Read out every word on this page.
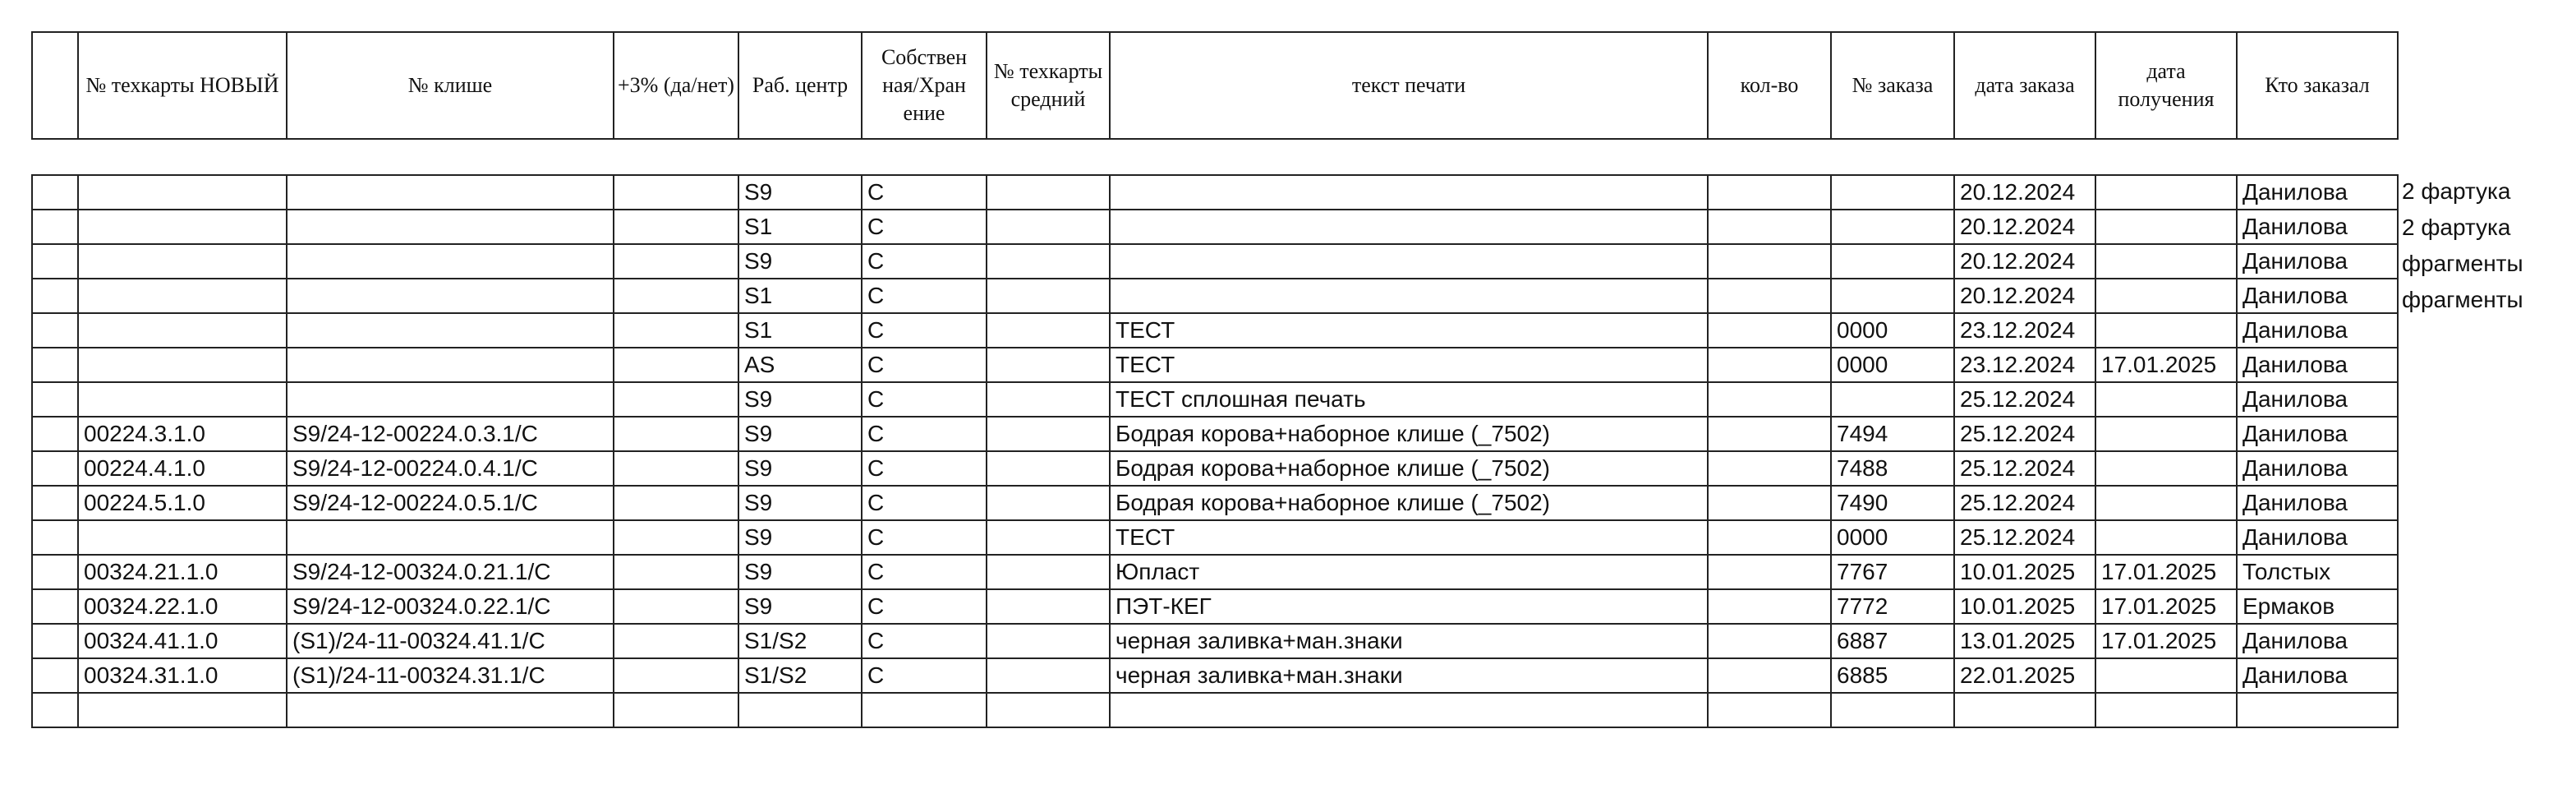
	№ техкарты НОВЫЙ	№ клише	+3% (да/нет)	Раб. центр	Собствен ная/Хран ение	№ техкарты средний	текст печати	кол-во	№ заказа	дата заказа	дата получения	Кто заказал
				S9	C					20.12.2024		Данилова
				S1	C					20.12.2024		Данилова
				S9	C					20.12.2024		Данилова
				S1	C					20.12.2024		Данилова
				S1	C		ТЕСТ		0000	23.12.2024		Данилова
				AS	C		ТЕСТ		0000	23.12.2024	17.01.2025	Данилова
				S9	C		ТЕСТ сплошная печать			25.12.2024		Данилова
	00224.3.1.0	S9/24-12-00224.0.3.1/C		S9	C		Бодрая корова+наборное клише (_7502)		7494	25.12.2024		Данилова
	00224.4.1.0	S9/24-12-00224.0.4.1/C		S9	C		Бодрая корова+наборное клише (_7502)		7488	25.12.2024		Данилова
	00224.5.1.0	S9/24-12-00224.0.5.1/C		S9	C		Бодрая корова+наборное клише (_7502)		7490	25.12.2024		Данилова
				S9	C		ТЕСТ		0000	25.12.2024		Данилова
	00324.21.1.0	S9/24-12-00324.0.21.1/C		S9	C		Юпласт		7767	10.01.2025	17.01.2025	Толстых
	00324.22.1.0	S9/24-12-00324.0.22.1/C		S9	C		ПЭТ-КЕГ		7772	10.01.2025	17.01.2025	Ермаков
	00324.41.1.0	(S1)/24-11-00324.41.1/C		S1/S2	C		черная заливка+ман.знаки		6887	13.01.2025	17.01.2025	Данилова
	00324.31.1.0	(S1)/24-11-00324.31.1/C		S1/S2	C		черная заливка+ман.знаки		6885	22.01.2025		Данилова

2 фартука
2 фартука
фрагменты
фрагменты
